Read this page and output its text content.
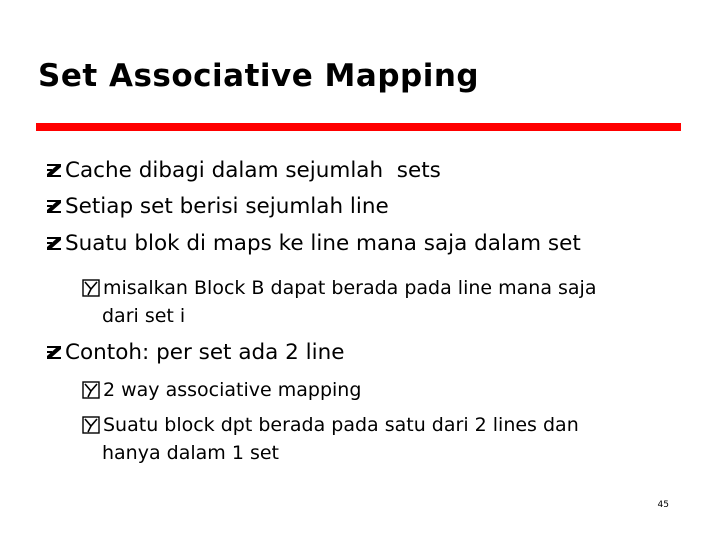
Set Associative Mapping
Cache dibagi dalam sejumlah  sets
Setiap set berisi sejumlah line
Suatu blok di maps ke line mana saja dalam set
misalkan Block B dapat berada pada line mana saja
dari set i
Contoh: per set ada 2 line
2 way associative mapping
Suatu block dpt berada pada satu dari 2 lines dan
hanya dalam 1 set
45
